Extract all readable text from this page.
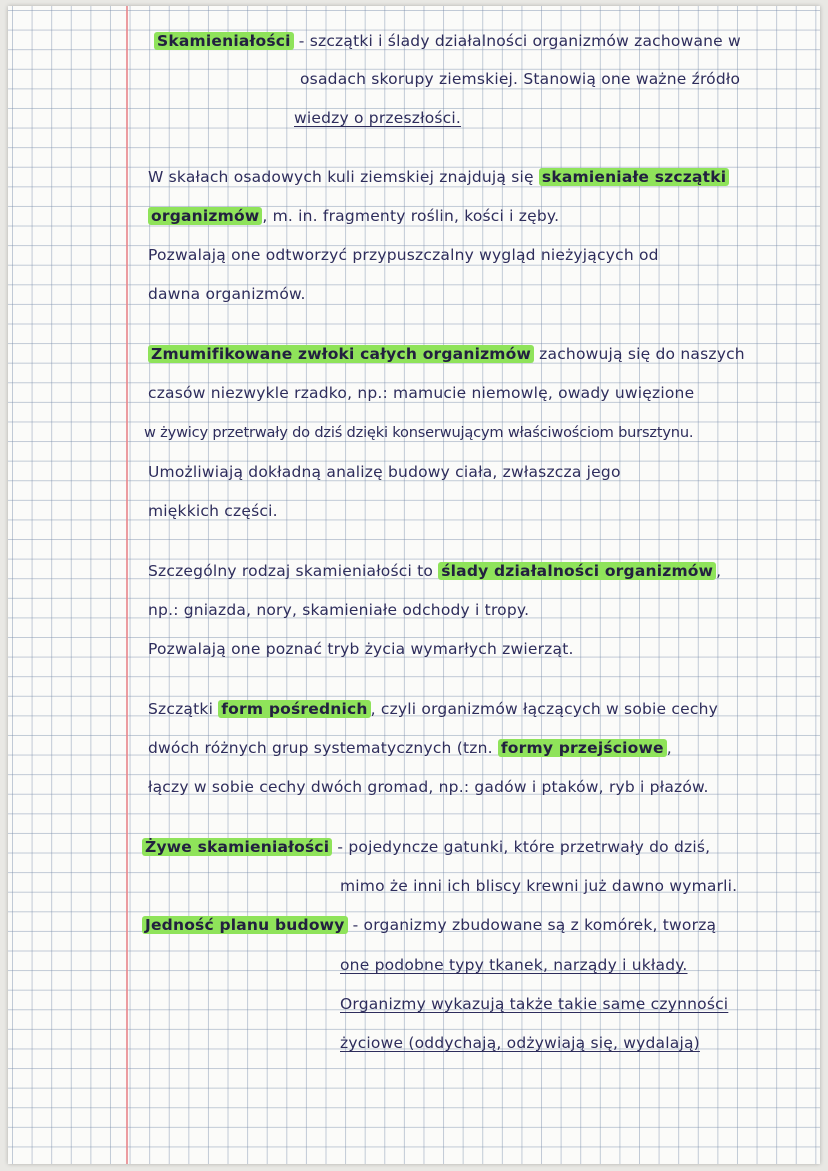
Skamieniałości - szczątki i ślady działalności organizmów zachowane w
osadach skorupy ziemskiej. Stanowią one ważne źródło
wiedzy o przeszłości.
W skałach osadowych kuli ziemskiej znajdują się skamieniałe szczątki
organizmów , m. in. fragmenty roślin, kości i zęby.
Pozwalają one odtworzyć przypuszczalny wygląd nieżyjących od
dawna organizmów.
Zmumifikowane zwłoki całych organizmów zachowują się do naszych
czasów niezwykle rzadko, np.: mamucie niemowlę, owady uwięzione
w żywicy przetrwały do dziś dzięki konserwującym właściwościom bursztynu.
Umożliwiają dokładną analizę budowy ciała, zwłaszcza jego
miękkich części.
Szczególny rodzaj skamieniałości to ślady działalności organizmów ,
np.: gniazda, nory, skamieniałe odchody i tropy.
Pozwalają one poznać tryb życia wymarłych zwierząt.
Szczątki form pośrednich , czyli organizmów łączących w sobie cechy
dwóch różnych grup systematycznych (tzn. formy przejściowe ,
łączy w sobie cechy dwóch gromad, np.: gadów i ptaków, ryb i płazów.
Żywe skamieniałości - pojedyncze gatunki, które przetrwały do dziś,
mimo że inni ich bliscy krewni już dawno wymarli.
Jedność planu budowy - organizmy zbudowane są z komórek, tworzą
one podobne typy tkanek, narządy i układy.
Organizmy wykazują także takie same czynności
życiowe (oddychają, odżywiają się, wydalają)
